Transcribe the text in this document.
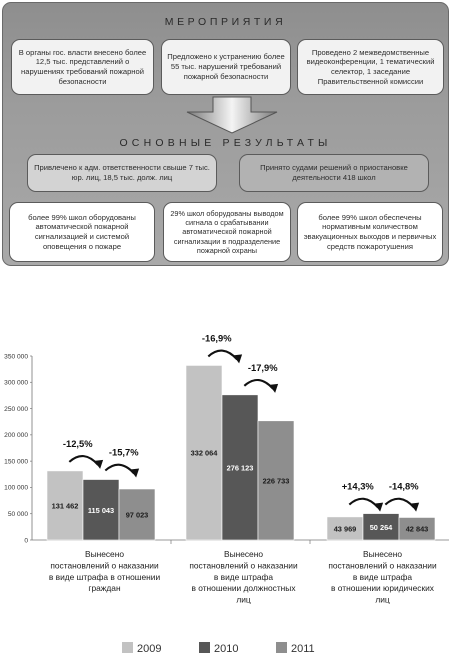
МЕРОПРИЯТИЯ
В органы гос. власти внесено более 12,5 тыс. представлений о нарушениях требований пожарной безопасности
Предложено к устранению более 55 тыс. нарушений требований пожарной безопасности
Проведено 2 межведомственные видеоконференции, 1 тематический селектор, 1 заседание Правительственной комиссии
ОСНОВНЫЕ РЕЗУЛЬТАТЫ
Привлечено к адм. ответственности свыше 7 тыс. юр. лиц, 18,5 тыс. долж. лиц
Принято судами решений о приостановке деятельности 418 школ
более 99% школ оборудованы автоматической пожарной сигнализацией и системой оповещения о пожаре
29% школ оборудованы выводом сигнала о срабатывании автоматической пожарной сигнализации в подразделение пожарной охраны
более 99% школ обеспечены нормативным количеством эвакуационных выходов и первичных средств пожаротушения
0
50 000
100 000
150 000
200 000
250 000
300 000
350 000
131 462 115 043
97 023
332 064
276 123
226 733
43 969 50 264 42 843
-12,5%
-15,7%
-16,9%
-17,9%
+14,3% -14,8%
Вынесено постановлений о наказании в виде штрафа в отношении граждан
Вынесено постановлений о наказании в виде штрафа в отношении должностных лиц
Вынесено постановлений о наказании в виде штрафа в отношении юридических лиц
2009	2010	2011
